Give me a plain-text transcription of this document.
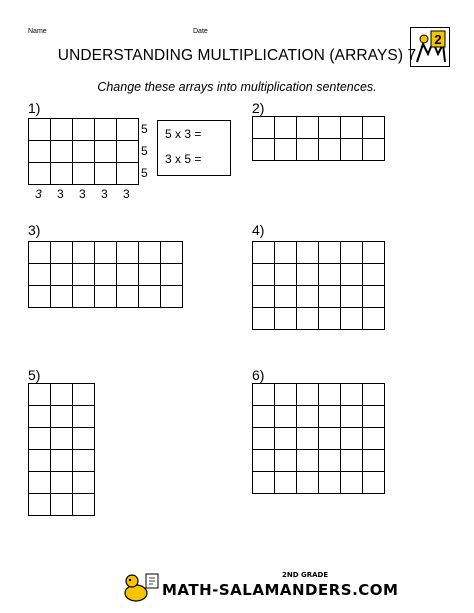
Name	Date
2
UNDERSTANDING MULTIPLICATION (ARRAYS) 7
Change these arrays into multiplication sentences.
1)
5
5
5
3 3 3 3 3
5 x 3 =
3 x 5 =
2)
3)	4)
5)	6)
2ND GRADE
MATH-SALAMANDERS.COM
